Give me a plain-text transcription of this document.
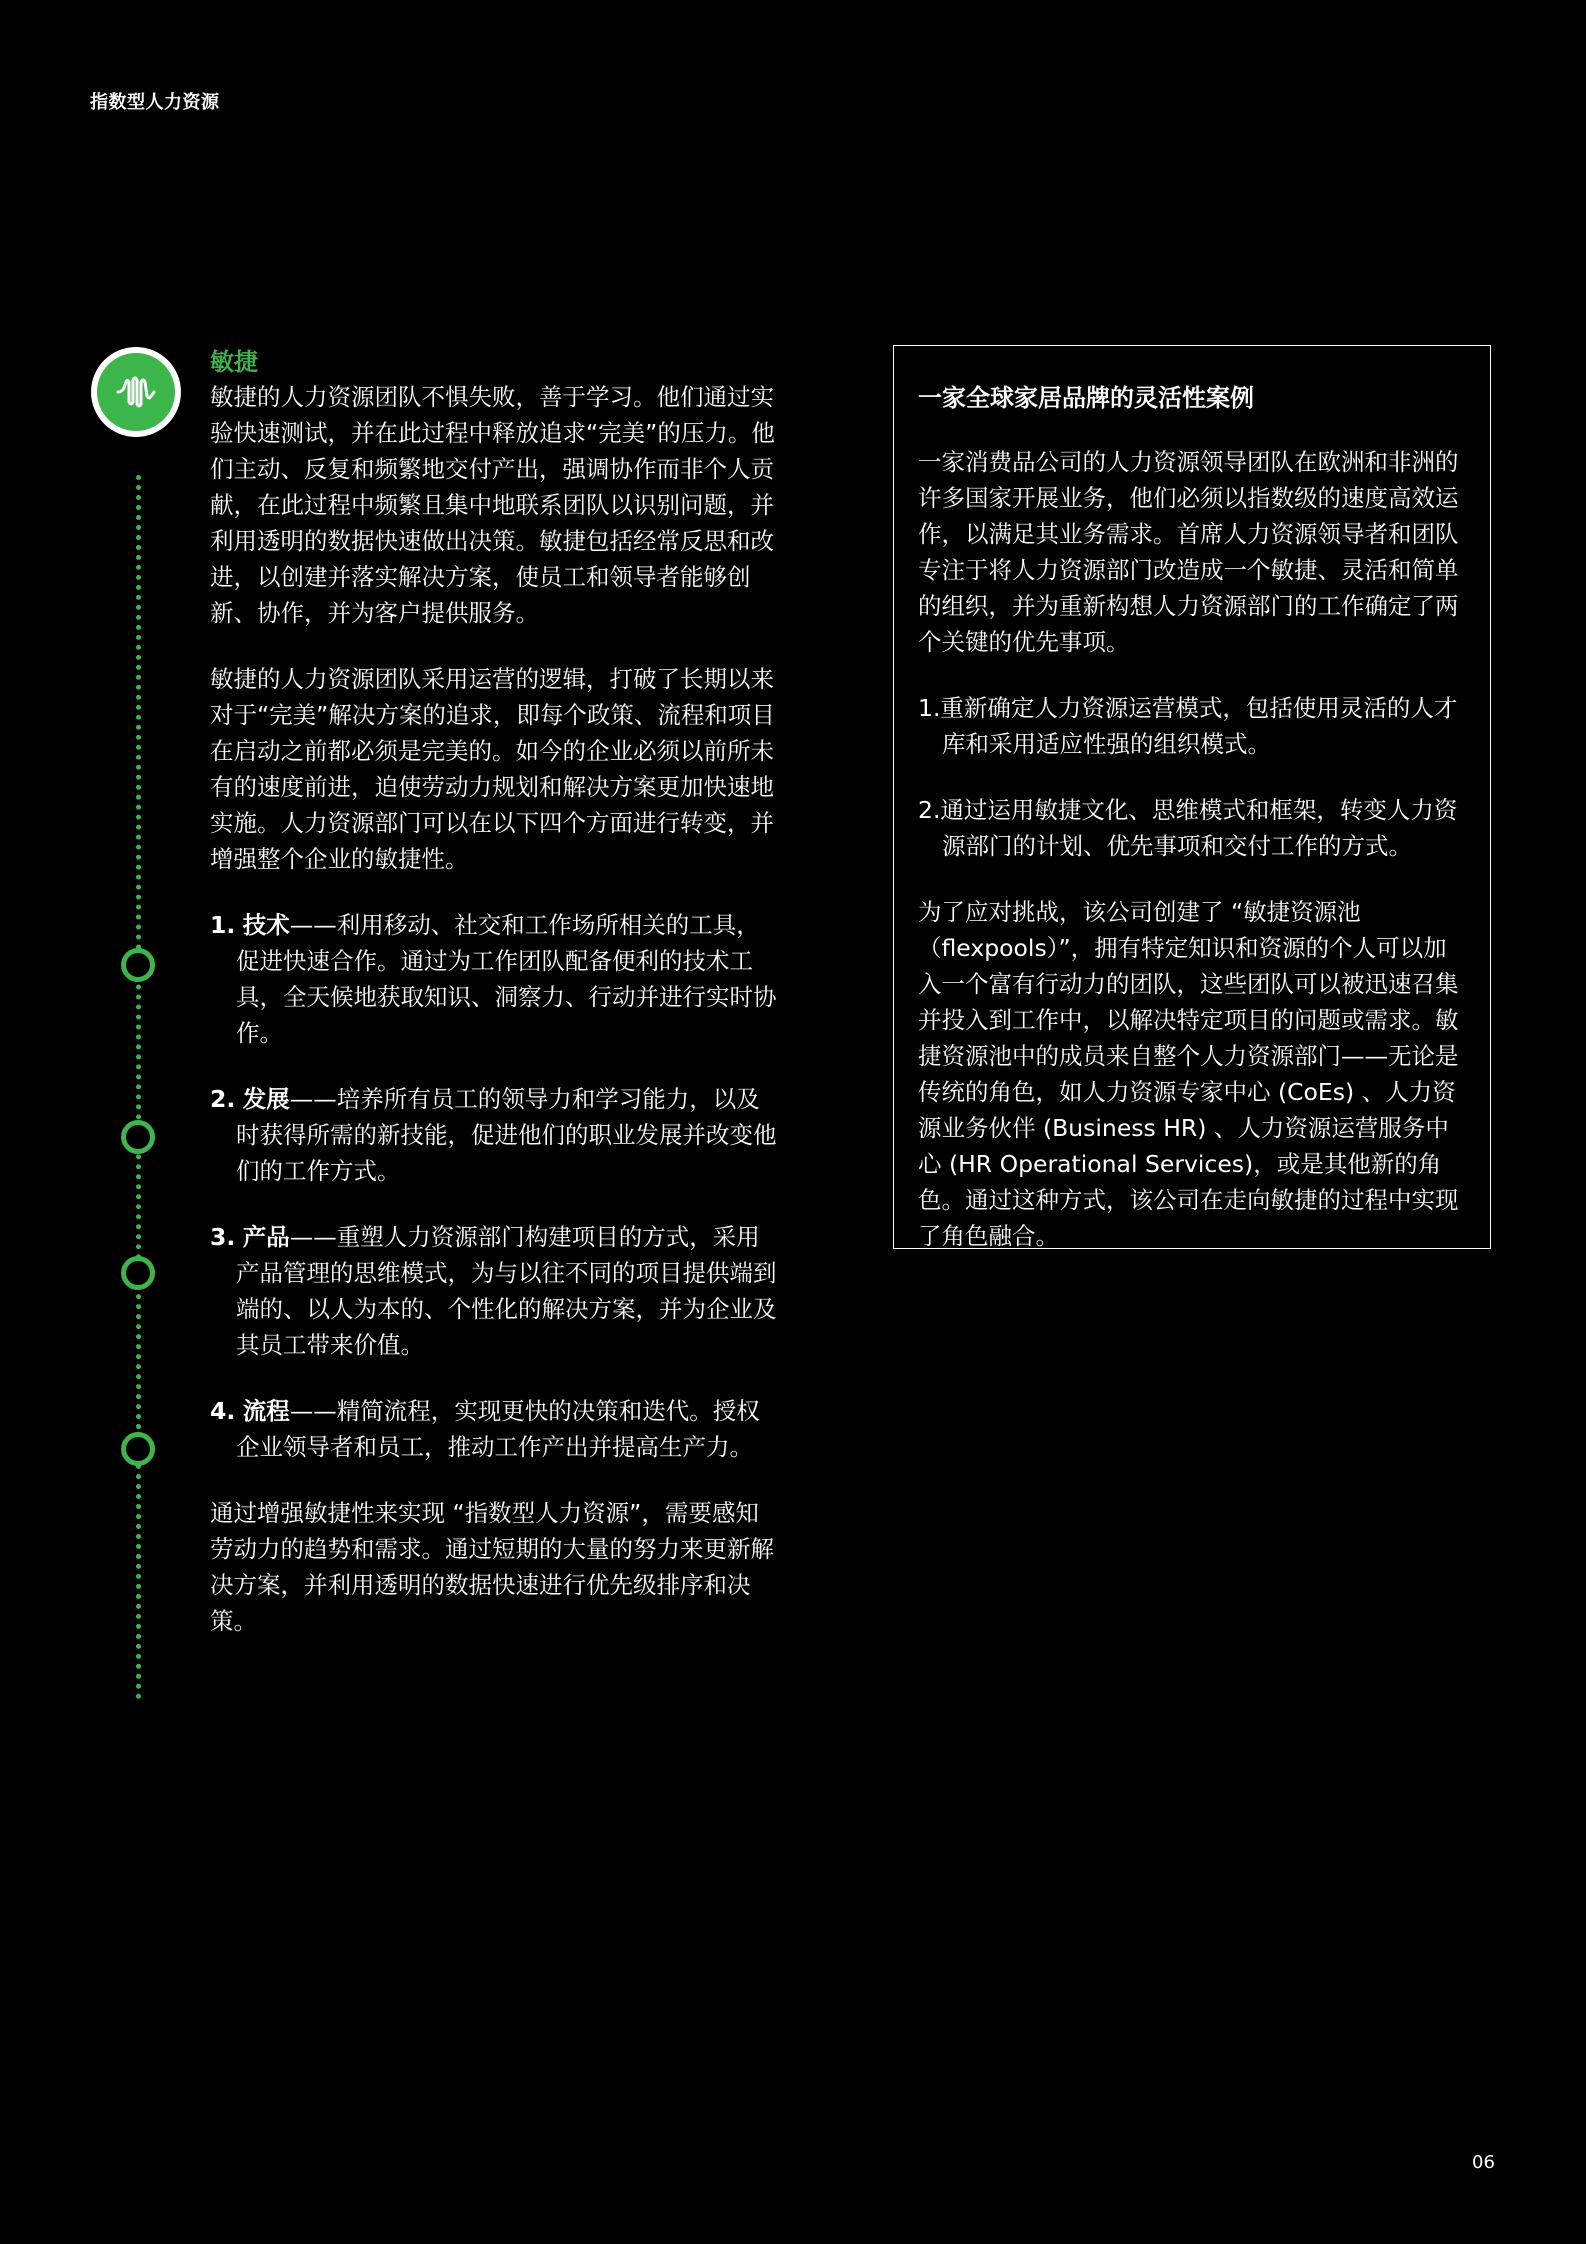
指数型人力资源
敏捷

敏捷的人力资源团队不惧失败，善于学习。他们通过实验快速测试，并在此过程中释放追求“完美”的压力。他们主动、反复和频繁地交付产出，强调协作而非个人贡献，在此过程中频繁且集中地联系团队以识别问题，并利用透明的数据快速做出决策。敏捷包括经常反思和改进，以创建并落实解决方案，使员工和领导者能够创新、协作，并为客户提供服务。

敏捷的人力资源团队采用运营的逻辑，打破了长期以来对于“完美”解决方案的追求，即每个政策、流程和项目在启动之前都必须是完美的。如今的企业必须以前所未有的速度前进，迫使劳动力规划和解决方案更加快速地实施。人力资源部门可以在以下四个方面进行转变，并增强整个企业的敏捷性。

1. 技术——利用移动、社交和工作场所相关的工具，促进快速合作。通过为工作团队配备便利的技术工具，全天候地获取知识、洞察力、行动并进行实时协作。
2. 发展——培养所有员工的领导力和学习能力，以及时获得所需的新技能，促进他们的职业发展并改变他们的工作方式。
3. 产品——重塑人力资源部门构建项目的方式，采用产品管理的思维模式，为与以往不同的项目提供端到端的、以人为本的、个性化的解决方案，并为企业及其员工带来价值。
4. 流程——精简流程，实现更快的决策和迭代。授权企业领导者和员工，推动工作产出并提高生产力。

通过增强敏捷性来实现 “指数型人力资源”，需要感知劳动力的趋势和需求。通过短期的大量的努力来更新解决方案，并利用透明的数据快速进行优先级排序和决策。

一家全球家居品牌的灵活性案例

一家消费品公司的人力资源领导团队在欧洲和非洲的许多国家开展业务，他们必须以指数级的速度高效运作，以满足其业务需求。首席人力资源领导者和团队专注于将人力资源部门改造成一个敏捷、灵活和简单的组织，并为重新构想人力资源部门的工作确定了两个关键的优先事项。

1.重新确定人力资源运营模式，包括使用灵活的人才库和采用适应性强的组织模式。
2.通过运用敏捷文化、思维模式和框架，转变人力资源部门的计划、优先事项和交付工作的方式。

为了应对挑战，该公司创建了 “敏捷资源池（flexpools）”，拥有特定知识和资源的个人可以加入一个富有行动力的团队，这些团队可以被迅速召集并投入到工作中，以解决特定项目的问题或需求。敏捷资源池中的成员来自整个人力资源部门——无论是传统的角色，如人力资源专家中心 (CoEs) 、人力资源业务伙伴 (Business HR) 、人力资源运营服务中心 (HR Operational Services)，或是其他新的角色。通过这种方式，该公司在走向敏捷的过程中实现了角色融合。

06
